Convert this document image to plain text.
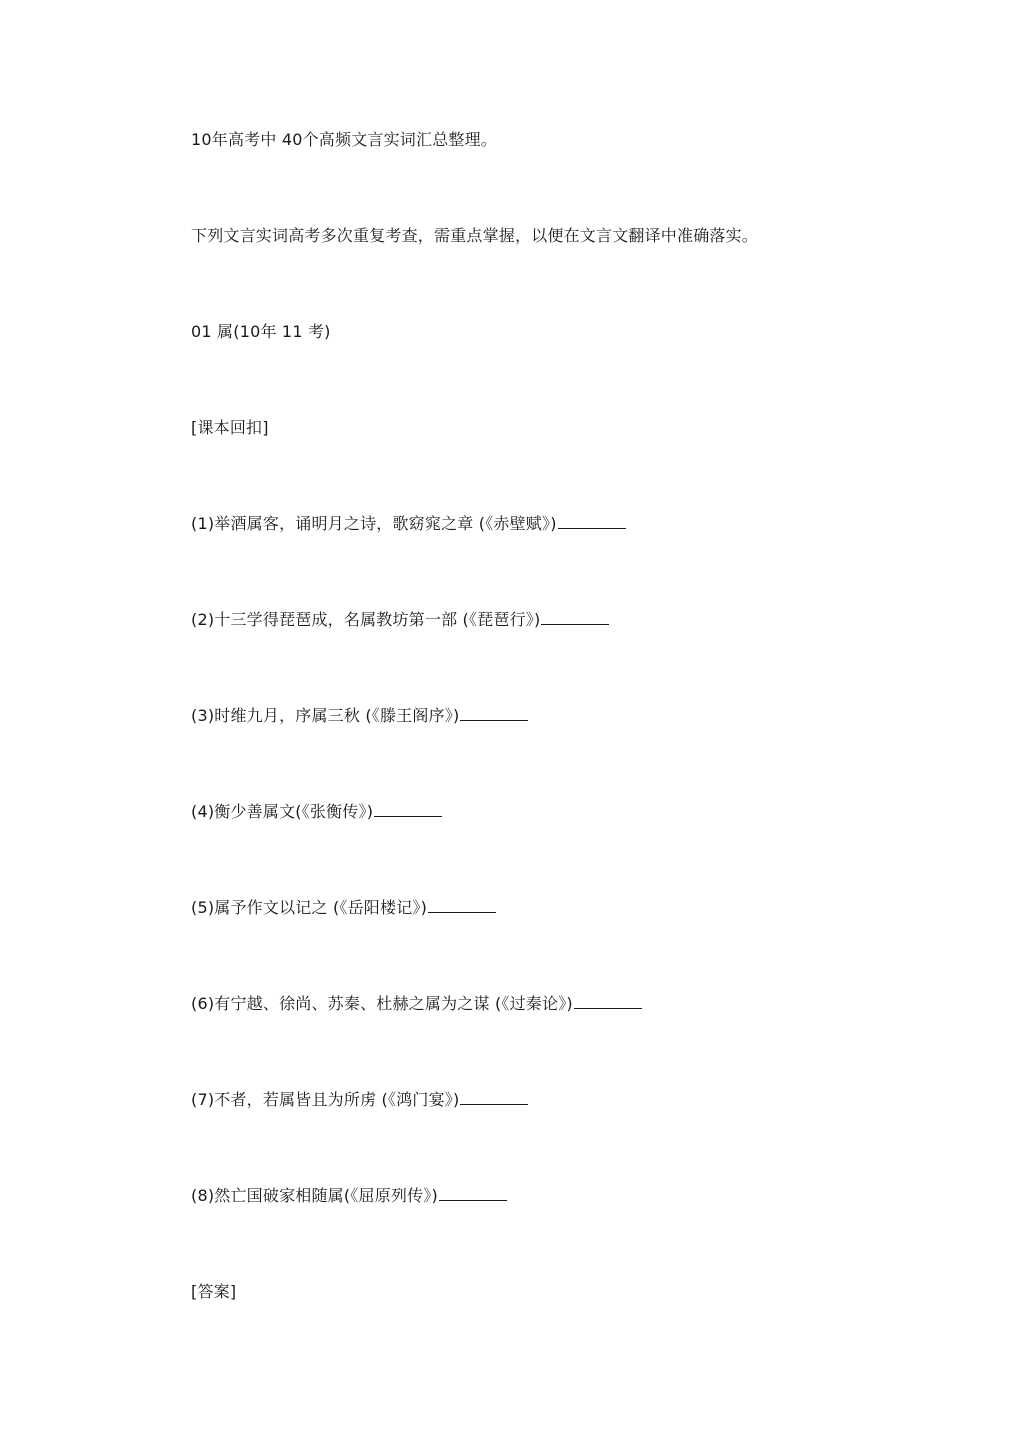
10年高考中 40个高频文言实词汇总整理。
下列文言实词高考多次重复考查，需重点掌握，以便在文言文翻译中准确落实。
01 属(10年 11 考)
[课本回扣]
(1)举酒属客，诵明月之诗，歌窈窕之章 (《赤壁赋》)
(2)十三学得琵琶成，名属教坊第一部 (《琵琶行》)
(3)时维九月，序属三秋 (《滕王阁序》)
(4)衡少善属文(《张衡传》)
(5)属予作文以记之 (《岳阳楼记》)
(6)有宁越、徐尚、苏秦、杜赫之属为之谋 (《过秦论》)
(7)不者，若属皆且为所虏 (《鸿门宴》)
(8)然亡国破家相随属(《屈原列传》)
[答案]
